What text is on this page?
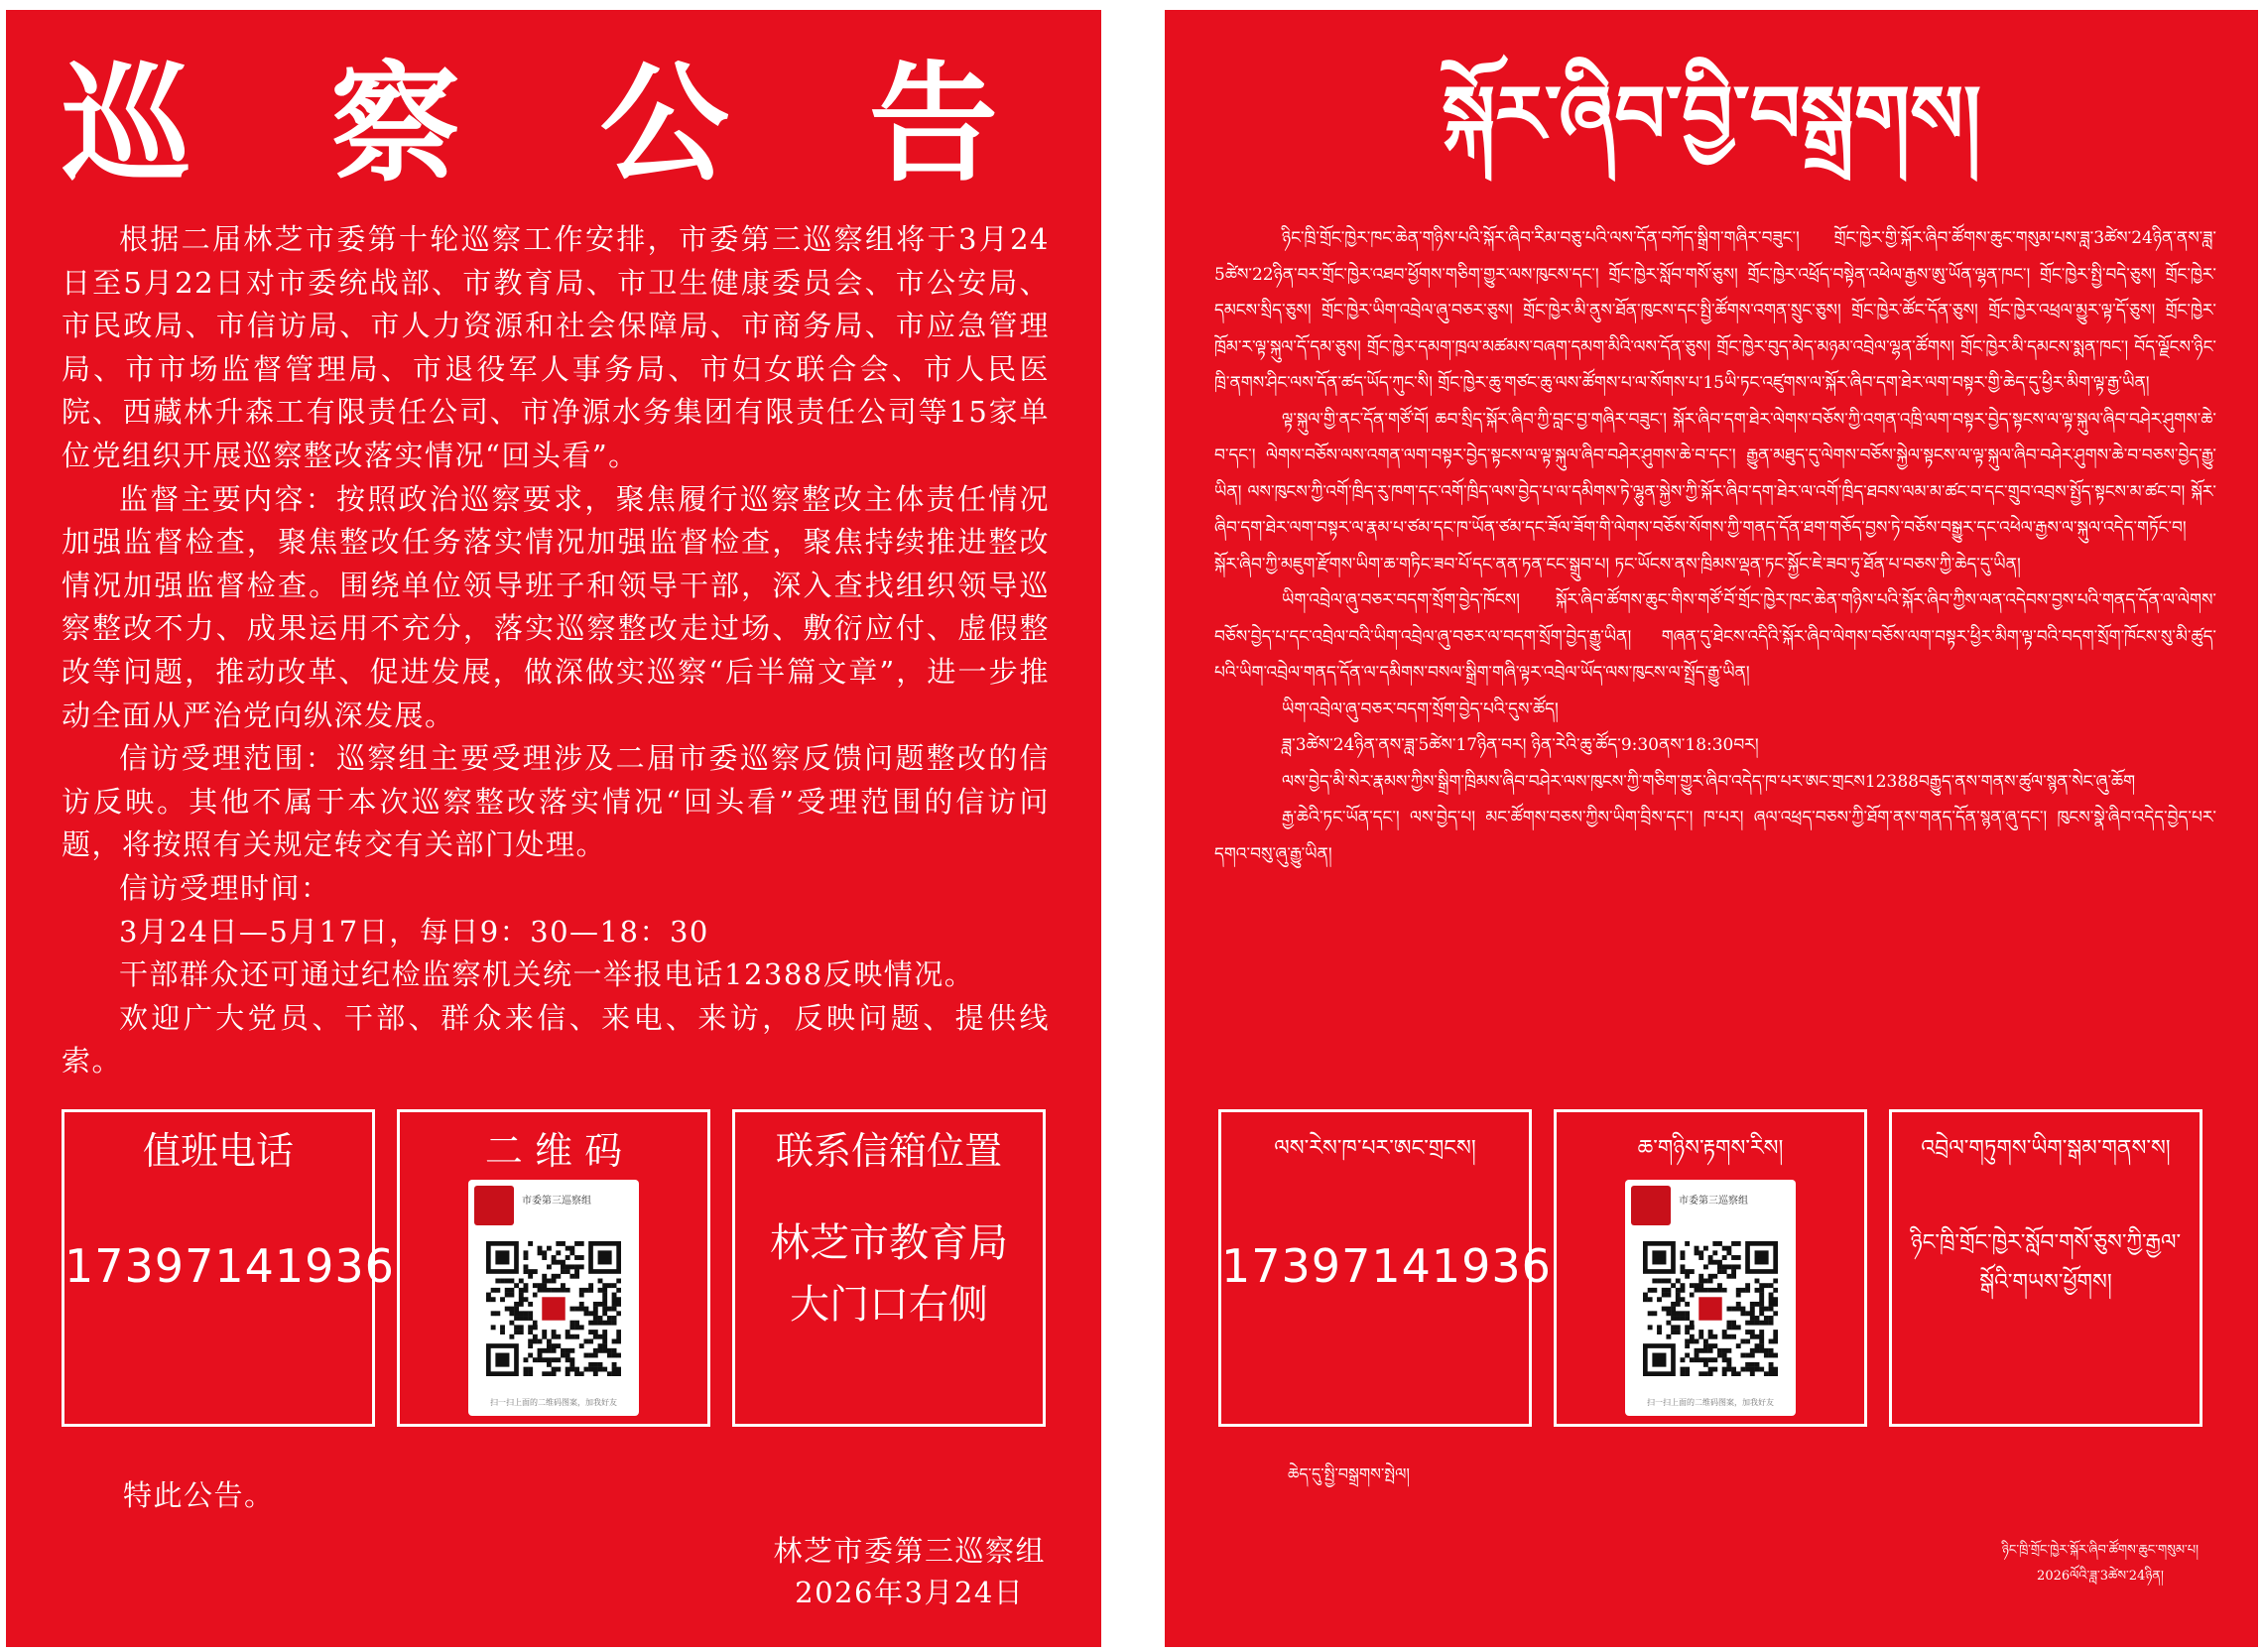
巡 察 公 告

根据二届林芝市委第十轮巡察工作安排，市委第三巡察组将于3月24日至5月22日对市委统战部、市教育局、市卫生健康委员会、市公安局、市民政局、市信访局、市人力资源和社会保障局、市商务局、市应急管理局、市市场监督管理局、市退役军人事务局、市妇女联合会、市人民医院、西藏林升森工有限责任公司、市净源水务集团有限责任公司等15家单位党组织开展巡察整改落实情况“回头看”。

监督主要内容：按照政治巡察要求，聚焦履行巡察整改主体责任情况加强监督检查，聚焦整改任务落实情况加强监督检查，聚焦持续推进整改情况加强监督检查。围绕单位领导班子和领导干部，深入查找组织领导巡察整改不力、成果运用不充分，落实巡察整改走过场、敷衍应付、虚假整改等问题，推动改革、促进发展，做深做实巡察“后半篇文章”，进一步推动全面从严治党向纵深发展。

信访受理范围：巡察组主要受理涉及二届市委巡察反馈问题整改的信访反映。其他不属于本次巡察整改落实情况“回头看”受理范围的信访问题，将按照有关规定转交有关部门处理。

信访受理时间：

3月24日—5月17日，每日9：30—18：30

干部群众还可通过纪检监察机关统一举报电话12388反映情况。

欢迎广大党员、干部、群众来信、来电、来访，反映问题、提供线索。

值班电话
17397141936
二 维 码
市委第三巡察组
扫一扫上面的二维码图案，加我好友
联系信箱位置
林芝市教育局
大门口右侧
特此公告。
林芝市委第三巡察组
2026年3月24日
སྐོར་ཞིབ་བྱི་བསྒྲགས།

ཉིང་ཁྲི་གྲོང་ཁྱེར་ཁང་ཆེན་གཉིས་པའི་སྐོར་ཞིབ་རིམ་བཅུ་པའི་ལས་དོན་བཀོད་སྒྲིག་གཞིར་བཟུང་། གྲོང་ཁྱེར་གྱི་སྐོར་ཞིབ་ཚོགས་ཆུང་གསུམ་པས་ཟླ་3ཚེས་24ཉིན་ནས་ཟླ་5ཚེས་22ཉིན་བར་གྲོང་ཁྱེར་འཐབ་ཕྱོགས་གཅིག་གྱུར་ལས་ཁུངས་དང་། གྲོང་ཁྱེར་སློབ་གསོ་ཅུས། གྲོང་ཁྱེར་འཕྲོད་བསྟེན་འཕེལ་རྒྱས་ཨུ་ཡོན་ལྷན་ཁང་། གྲོང་ཁྱེར་སྤྱི་བདེ་ཅུས། གྲོང་ཁྱེར་དམངས་སྲིད་ཅུས། གྲོང་ཁྱེར་ཡིག་འབྲེལ་ཞུ་བཅར་ཅུས། གྲོང་ཁྱེར་མི་ནུས་ཐོན་ཁུངས་དང་སྤྱི་ཚོགས་འགན་སྲུང་ཅུས། གྲོང་ཁྱེར་ཚོང་དོན་ཅུས། གྲོང་ཁྱེར་འཕྲལ་མྱུར་ལྟ་དོ་ཅུས། གྲོང་ཁྱེར་ཁྲོམ་ར་ལྟ་སྐུལ་དོ་དམ་ཅུས། གྲོང་ཁྱེར་དམག་ཁྲལ་མཚམས་བཞག་དམག་མིའི་ལས་དོན་ཅུས། གྲོང་ཁྱེར་བུད་མེད་མཉམ་འབྲེལ་ལྷན་ཚོགས། གྲོང་ཁྱེར་མི་དམངས་སྨན་ཁང་། བོད་ལྗོངས་ཉིང་ཁྲི་ནགས་ཤིང་ལས་དོན་ཚད་ཡོད་ཀུང་སི། གྲོང་ཁྱེར་ཆུ་གཙང་ཆུ་ལས་ཚོགས་པ་ལ་སོགས་པ་15ཡི་ཏང་འཛུགས་ལ་སྐོར་ཞིབ་དག་ཐེར་ལག་བསྟར་གྱི་ཆེད་དུ་ཕྱིར་མིག་ལྟ་རྒྱ་ཡིན།

ལྟ་སྐུལ་གྱི་ནང་དོན་གཙོ་བོ། ཆབ་སྲིད་སྐོར་ཞིབ་ཀྱི་བླང་བྱ་གཞིར་བཟུང་། སྐོར་ཞིབ་དག་ཐེར་ལེགས་བཅོས་ཀྱི་འགན་འཁྲི་ལག་བསྟར་བྱེད་སྟངས་ལ་ལྟ་སྐུལ་ཞིབ་བཤེར་ཤུགས་ཆེ་བ་དང་། ལེགས་བཅོས་ལས་འགན་ལག་བསྟར་བྱེད་སྟངས་ལ་ལྟ་སྐུལ་ཞིབ་བཤེར་ཤུགས་ཆེ་བ་དང་། རྒྱུན་མཐུད་དུ་ལེགས་བཅོས་སྐྱེལ་སྟངས་ལ་ལྟ་སྐུལ་ཞིབ་བཤེར་ཤུགས་ཆེ་བ་བཅས་བྱེད་རྒྱུ་ཡིན། ལས་ཁུངས་ཀྱི་འགོ་ཁྲིད་རུ་ཁག་དང་འགོ་ཁྲིད་ལས་བྱེད་པ་ལ་དམིགས་ཏེ་ལྷུན་སྐྱེས་ཀྱི་སྐོར་ཞིབ་དག་ཐེར་ལ་འགོ་ཁྲིད་ཐབས་ལམ་མ་ཚང་བ་དང་གྲུབ་འབྲས་སྤྱོད་སྟངས་མ་ཚང་བ། སྐོར་ཞིབ་དག་ཐེར་ལག་བསྟར་ལ་རྣམ་པ་ཙམ་དང་ཁ་ཡོན་ཙམ་དང་ཟོལ་ཟོག་གི་ལེགས་བཅོས་སོགས་ཀྱི་གནད་དོན་ཐག་གཅོད་བྱས་ཏེ་བཅོས་བསྒྱུར་དང་འཕེལ་རྒྱས་ལ་སྐུལ་འདེད་གཏོང་བ། སྐོར་ཞིབ་ཀྱི་མཇུག་རྫོགས་ཡིག་ཆ་གཏིང་ཟབ་པོ་དང་ནན་ཏན་ངང་སྒྲུབ་པ། ཏང་ཡོངས་ནས་ཁྲིམས་ལྡན་ཏང་སྐྱོང་ཇེ་ཟབ་ཏུ་ཐོན་པ་བཅས་ཀྱི་ཆེད་དུ་ཡིན།

ཡིག་འབྲེལ་ཞུ་བཅར་བདག་སྲོག་བྱེད་ཁོངས། སྐོར་ཞིབ་ཚོགས་ཆུང་གིས་གཙོ་བོ་གྲོང་ཁྱེར་ཁང་ཆེན་གཉིས་པའི་སྐོར་ཞིབ་ཀྱིས་ལན་འདེབས་བྱས་པའི་གནད་དོན་ལ་ལེགས་བཅོས་བྱེད་པ་དང་འབྲེལ་བའི་ཡིག་འབྲེལ་ཞུ་བཅར་ལ་བདག་སྲོག་བྱེད་རྒྱུ་ཡིན། གཞན་དུ་ཐེངས་འདིའི་སྐོར་ཞིབ་ལེགས་བཅོས་ལག་བསྟར་ཕྱིར་མིག་ལྟ་བའི་བདག་སྲོག་ཁོངས་སུ་མི་ཚུད་པའི་ཡིག་འབྲེལ་གནད་དོན་ལ་དམིགས་བསལ་སྒྲིག་གཞི་ལྟར་འབྲེལ་ཡོད་ལས་ཁུངས་ལ་སྤྲོད་རྒྱུ་ཡིན།

ཡིག་འབྲེལ་ཞུ་བཅར་བདག་སྲོག་བྱེད་པའི་དུས་ཚོད།

ཟླ་3ཚེས་24ཉིན་ནས་ཟླ་5ཚེས་17ཉིན་བར། ཉིན་རེའི་ཆུ་ཚོད་9:30ནས་18:30བར།

ལས་བྱེད་མི་སེར་རྣམས་ཀྱིས་སྒྲིག་ཁྲིམས་ཞིབ་བཤེར་ལས་ཁུངས་ཀྱི་གཅིག་གྱུར་ཞིབ་འདེད་ཁ་པར་ཨང་གྲངས12388བརྒྱུད་ནས་གནས་ཚུལ་སྙན་སེང་ཞུ་ཆོག

རྒྱ་ཆེའི་ཏང་ཡོན་དང་། ལས་བྱེད་པ། མང་ཚོགས་བཅས་ཀྱིས་ཡིག་བྲིས་དང་། ཁ་པར། ཞལ་འཕྲད་བཅས་ཀྱི་ཐོག་ནས་གནད་དོན་སྙན་ཞུ་དང་། ཁུངས་སྣེ་ཞིབ་འདེད་བྱེད་པར་དགའ་བསུ་ཞུ་རྒྱུ་ཡིན།

ལས་རེས་ཁ་པར་ཨང་གྲངས།
17397141936
ཆ་གཉིས་རྟགས་རིས།
市委第三巡察组
扫一扫上面的二维码图案，加我好友
འབྲེལ་གཏུགས་ཡིག་སྒམ་གནས་ས།
ཉིང་ཁྲི་གྲོང་ཁྱེར་སློབ་གསོ་ཅུས་ཀྱི་རྒྱལ་སྒོའི་གཡས་ཕྱོགས།
ཆེད་དུ་སྤྱི་བསྒྲགས་སྤེལ།
ཉིང་ཁྲི་གྲོང་ཁྱེར་སྐོར་ཞིབ་ཚོགས་ཆུང་གསུམ་པ།
2026ལོའི་ཟླ་3ཚེས་24ཉིན།
